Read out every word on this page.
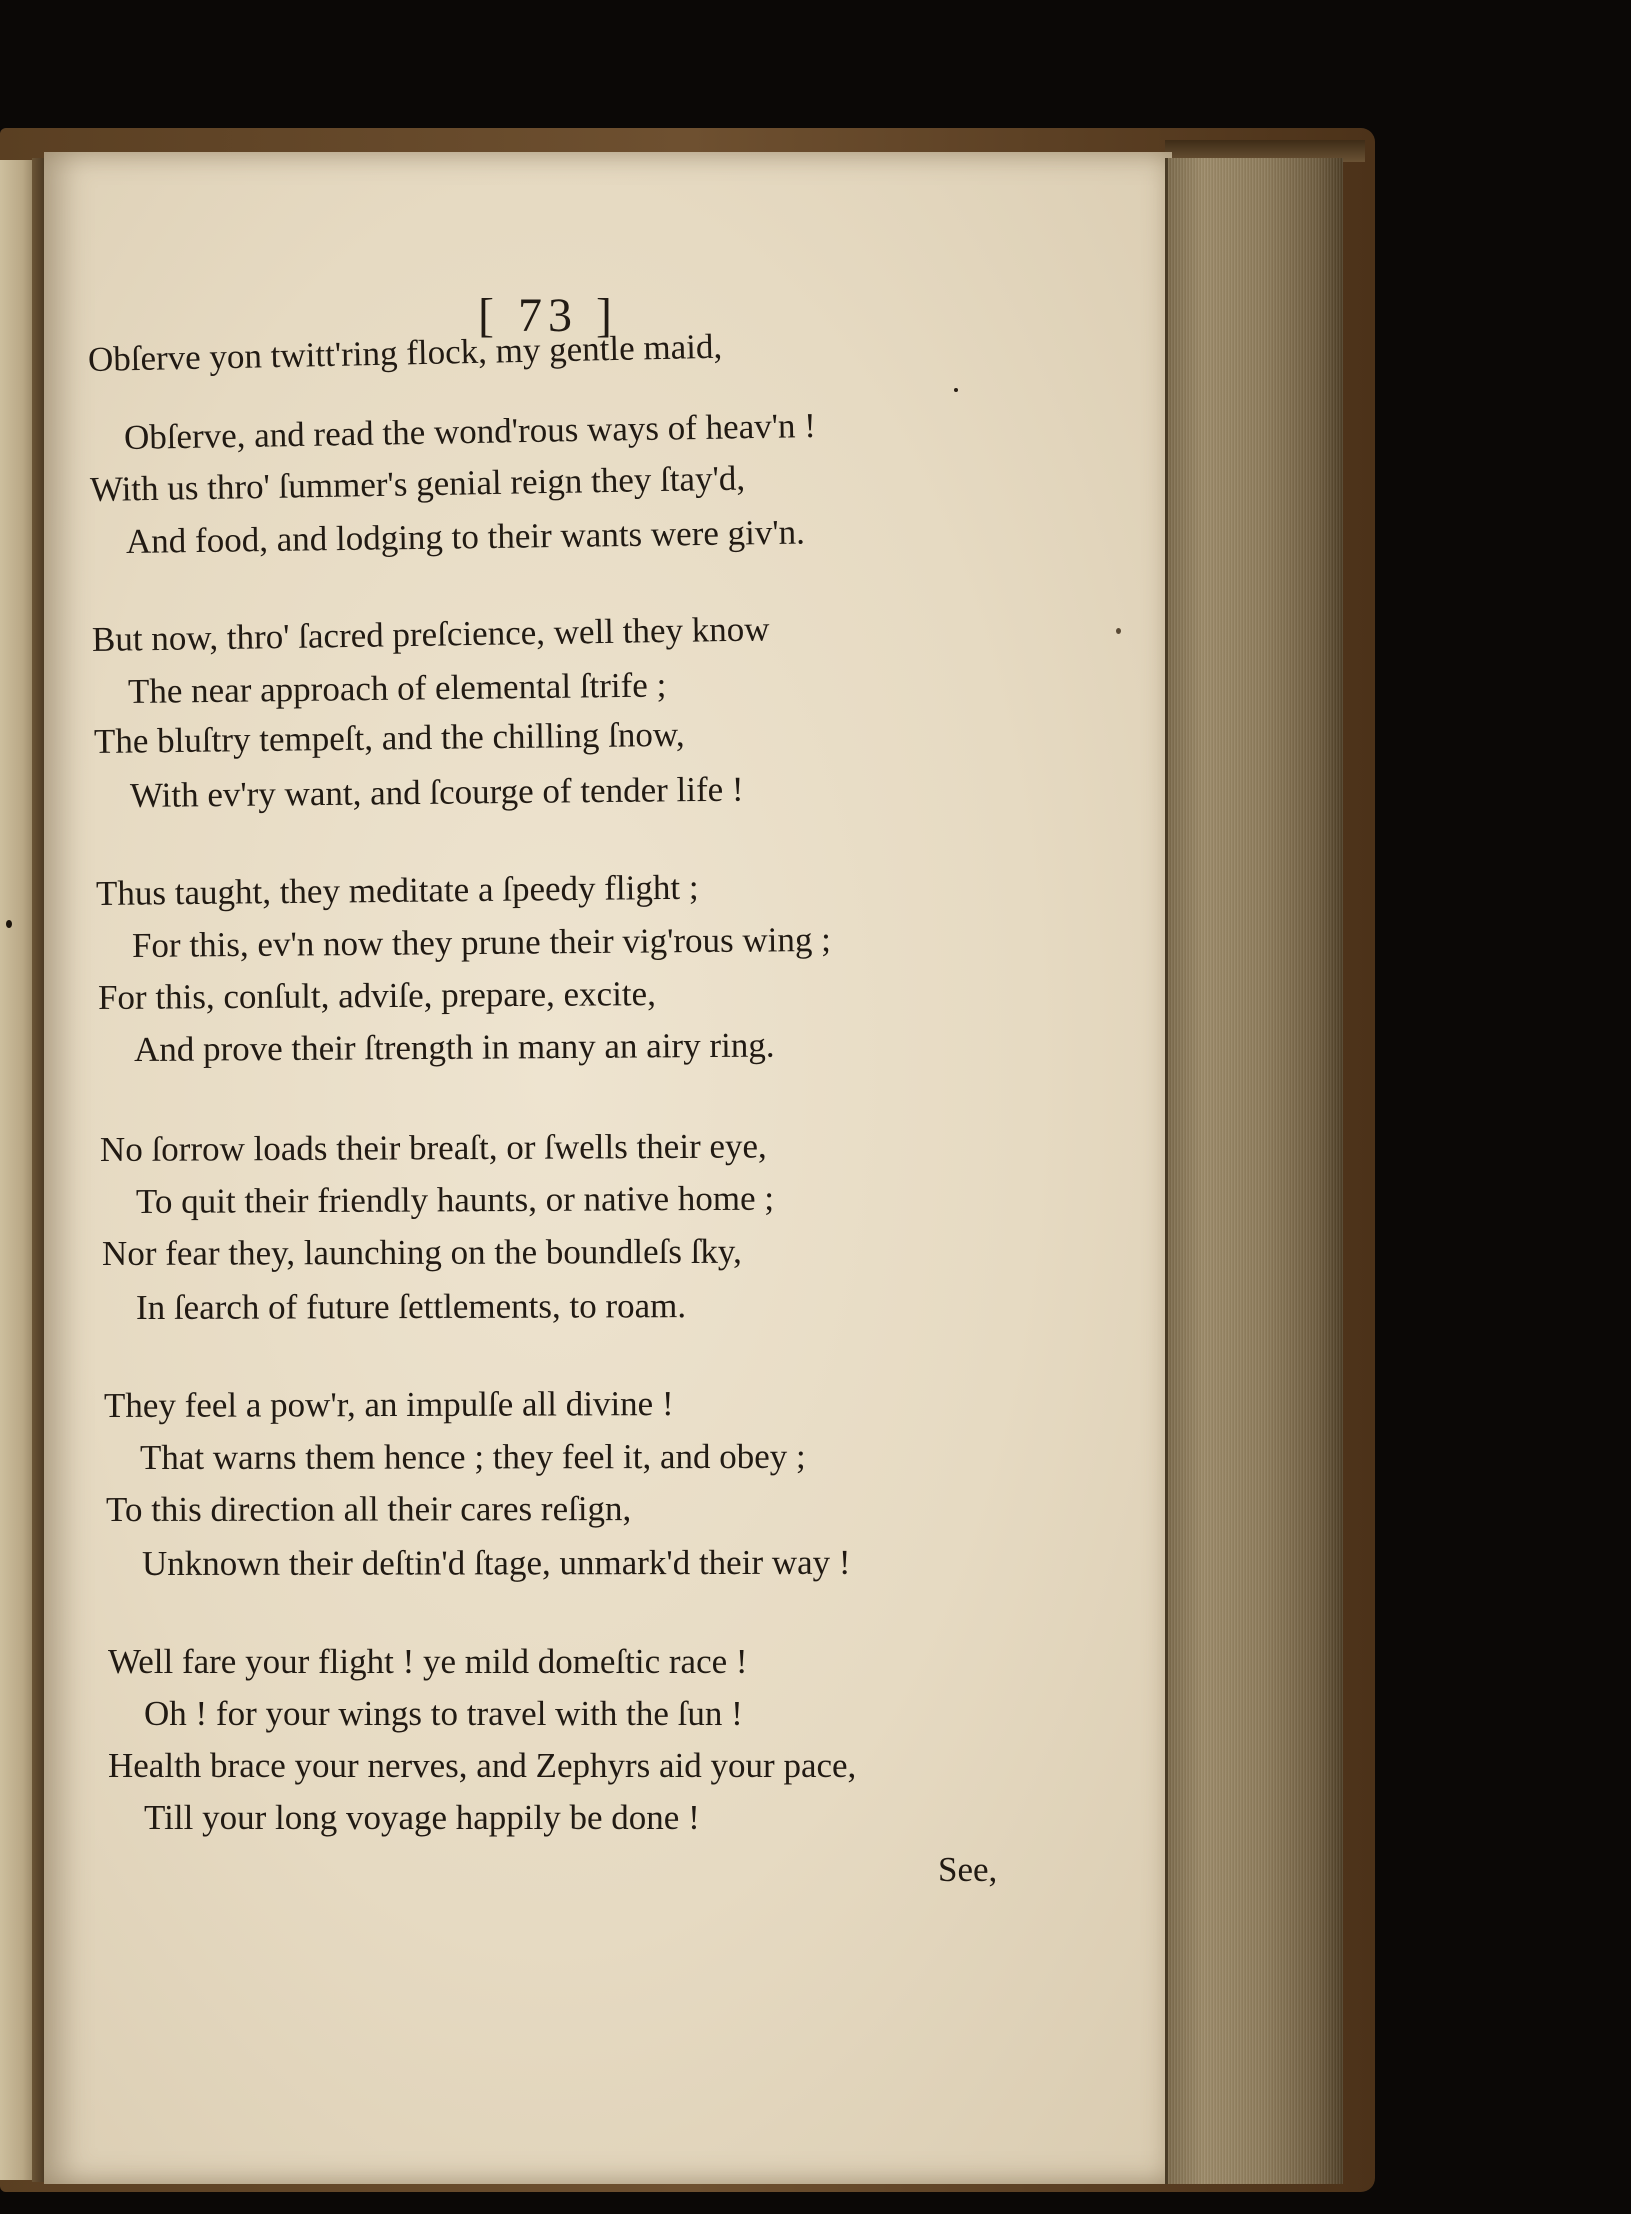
[ 73 ]
Obſerve yon twitt'ring flock, my gentle maid,
Obſerve, and read the wond'rous ways of heav'n !
With us thro' ſummer's genial reign they ſtay'd,
And food, and lodging to their wants were giv'n.
But now, thro' ſacred preſcience, well they know
The near approach of elemental ſtrife ;
The bluſtry tempeſt, and the chilling ſnow,
With ev'ry want, and ſcourge of tender life !
Thus taught, they meditate a ſpeedy flight ;
For this, ev'n now they prune their vig'rous wing ;
For this, conſult, adviſe, prepare, excite,
And prove their ſtrength in many an airy ring.
No ſorrow loads their breaſt, or ſwells their eye,
To quit their friendly haunts, or native home ;
Nor fear they, launching on the boundleſs ſky,
In ſearch of future ſettlements, to roam.
They feel a pow'r, an impulſe all divine !
That warns them hence ; they feel it, and obey ;
To this direction all their cares reſign,
Unknown their deſtin'd ſtage, unmark'd their way !
Well fare your flight ! ye mild domeſtic race !
Oh ! for your wings to travel with the ſun !
Health brace your nerves, and Zephyrs aid your pace,
Till your long voyage happily be done !
See,
